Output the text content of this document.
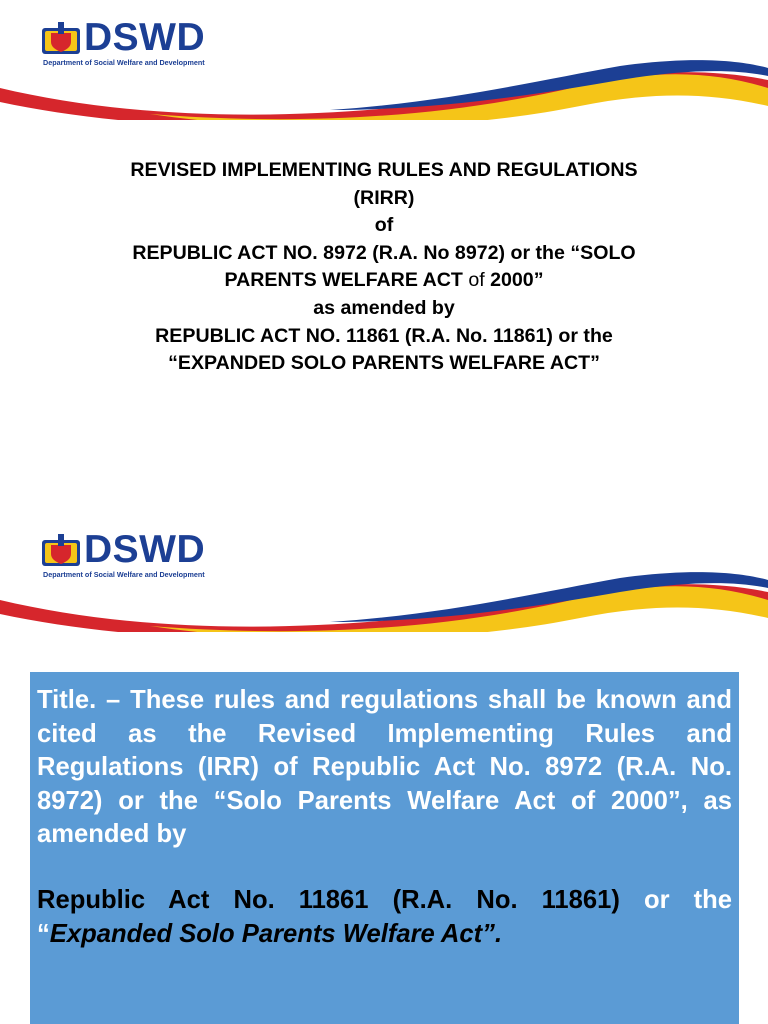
DSWD
Department of Social Welfare and Development
REVISED IMPLEMENTING RULES AND REGULATIONS
(RIRR)
of
REPUBLIC ACT NO. 8972 (R.A. No 8972) or the “SOLO
PARENTS WELFARE ACT of 2000”
as amended by
REPUBLIC ACT NO. 11861 (R.A. No. 11861) or the
“EXPANDED SOLO PARENTS WELFARE ACT”
DSWD
Department of Social Welfare and Development

Title. – These rules and regulations shall be known and cited as the Revised Implementing Rules and Regulations (IRR) of Republic Act No. 8972 (R.A. No. 8972) or the “Solo Parents Welfare Act of 2000”, as amended by

Republic Act No. 11861 (R.A. No. 11861) or the “Expanded Solo Parents Welfare Act”.
